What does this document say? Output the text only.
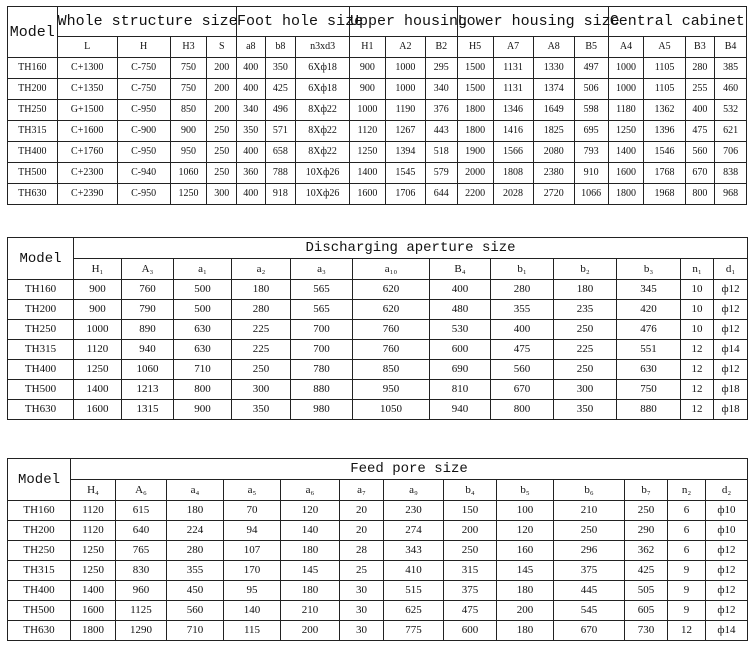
Model	Whole structure size				Foot hole size			Upper housing			Lower housing size				Central cabinet			
	L	H	H3	S	a8	b8	n3xd3	H1	A2	B2	H5	A7	A8	B5	A4	A5	B3	B4
TH160	C+1300	C-750	750	200	400	350	6Xф18	900	1000	295	1500	1131	1330	497	1000	1105	280	385
TH200	C+1350	C-750	750	200	400	425	6Xф18	900	1000	340	1500	1131	1374	506	1000	1105	255	460
TH250	G+1500	C-950	850	200	340	496	8Xф22	1000	1190	376	1800	1346	1649	598	1180	1362	400	532
TH315	C+1600	C-900	900	250	350	571	8Xф22	1120	1267	443	1800	1416	1825	695	1250	1396	475	621
TH400	C+1760	C-950	950	250	400	658	8Xф22	1250	1394	518	1900	1566	2080	793	1400	1546	560	706
TH500	C+2300	C-940	1060	250	360	788	10Xф26	1400	1545	579	2000	1808	2380	910	1600	1768	670	838
TH630	C+2390	C-950	1250	300	400	918	10Xф26	1600	1706	644	2200	2028	2720	1066	1800	1968	800	968
Model	Discharging aperture size											
	H₁	A₃	a₁	a₂	a₃	a₁₀	B₄	b₁	b₂	b₃	n₁	d₁
TH160	900	760	500	180	565	620	400	280	180	345	10	ф12
TH200	900	790	500	280	565	620	480	355	235	420	10	ф12
TH250	1000	890	630	225	700	760	530	400	250	476	10	ф12
TH315	1120	940	630	225	700	760	600	475	225	551	12	ф14
TH400	1250	1060	710	250	780	850	690	560	250	630	12	ф12
TH500	1400	1213	800	300	880	950	810	670	300	750	12	ф18
TH630	1600	1315	900	350	980	1050	940	800	350	880	12	ф18
Model	Feed pore size												
	H₄	A₆	a₄	a₅	a₆	a₇	a₉	b₄	b₅	b₆	b₇	n₂	d₂
TH160	1120	615	180	70	120	20	230	150	100	210	250	6	ф10
TH200	1120	640	224	94	140	20	274	200	120	250	290	6	ф10
TH250	1250	765	280	107	180	28	343	250	160	296	362	6	ф12
TH315	1250	830	355	170	145	25	410	315	145	375	425	9	ф12
TH400	1400	960	450	95	180	30	515	375	180	445	505	9	ф12
TH500	1600	1125	560	140	210	30	625	475	200	545	605	9	ф12
TH630	1800	1290	710	115	200	30	775	600	180	670	730	12	ф14
